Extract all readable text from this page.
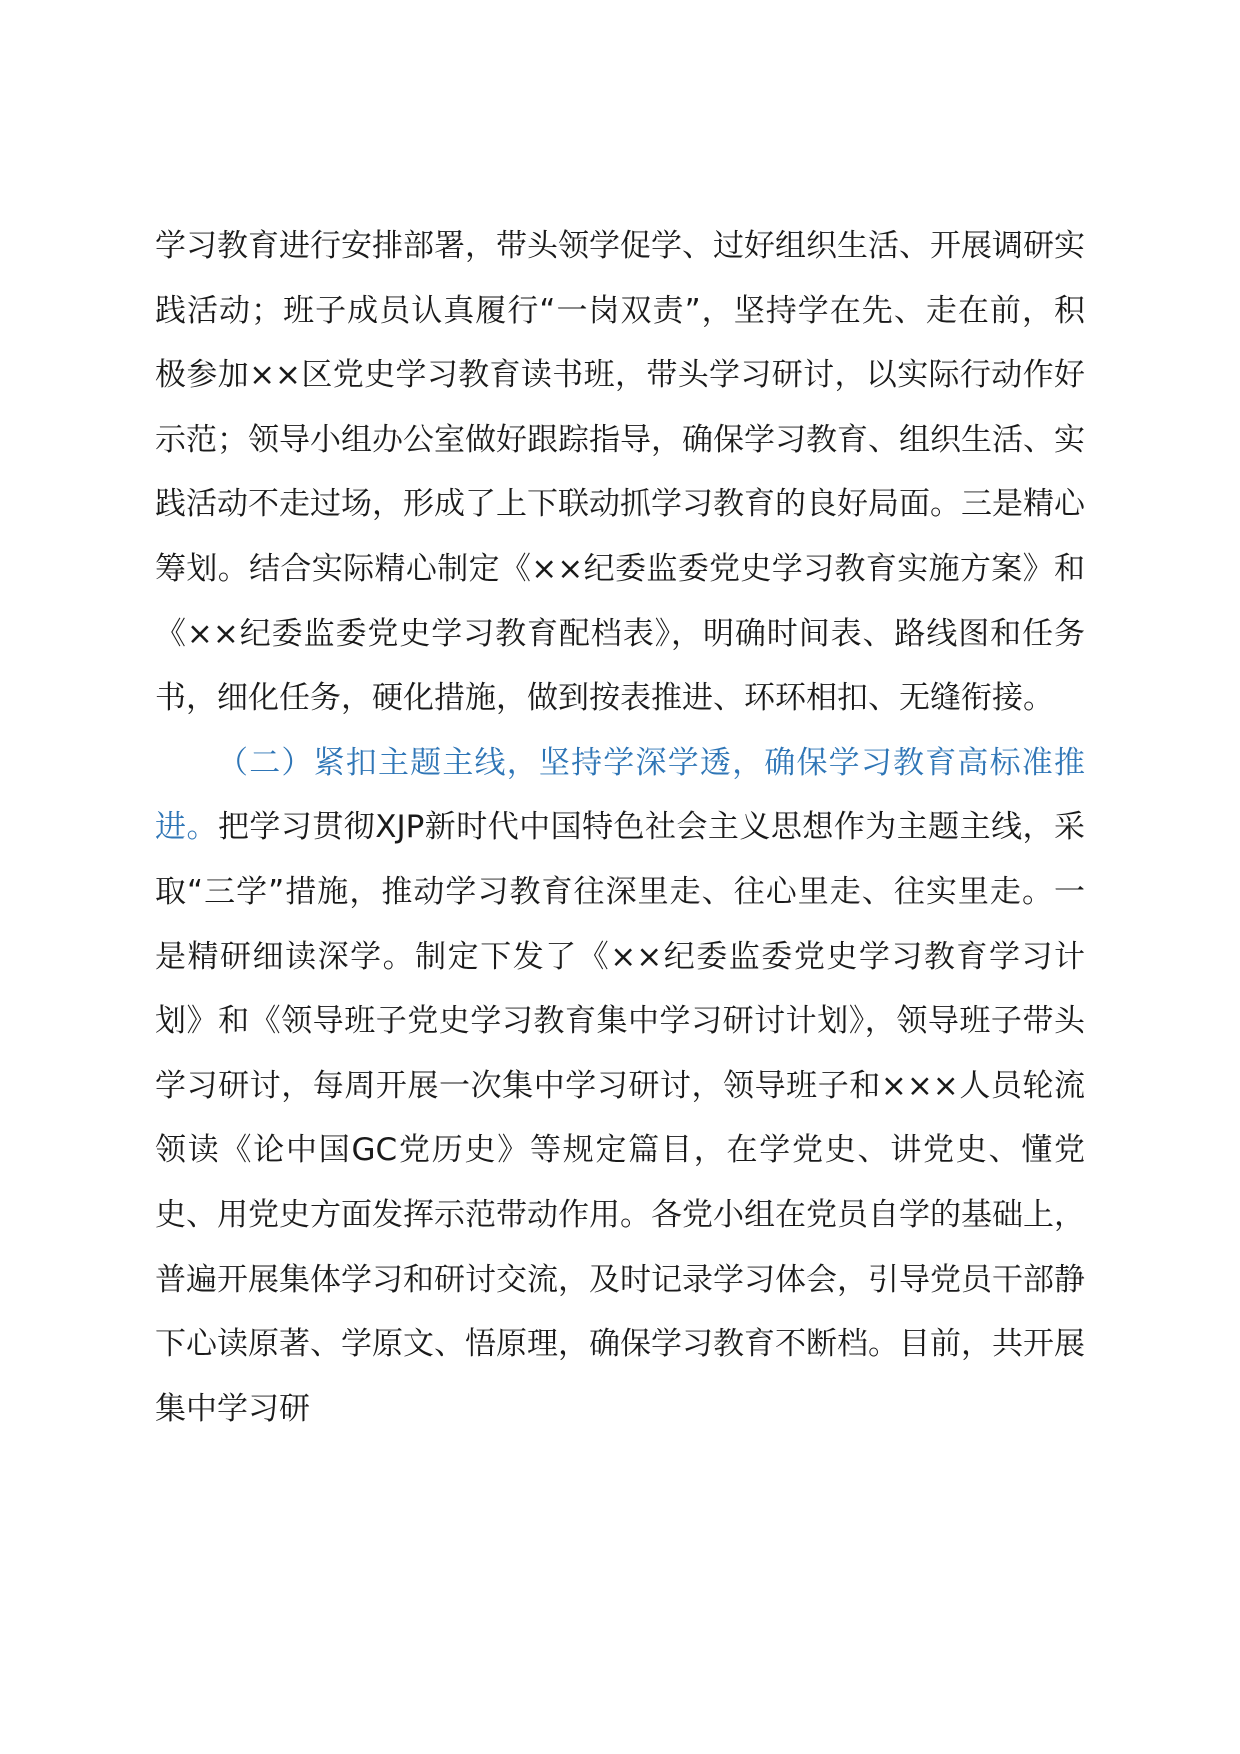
学习教育进行安排部署，带头领学促学、过好组织生活、开展调研实践活动；班子成员认真履行“一岗双责”，坚持学在先、走在前，积极参加××区党史学习教育读书班，带头学习研讨，以实际行动作好示范；领导小组办公室做好跟踪指导，确保学习教育、组织生活、实践活动不走过场，形成了上下联动抓学习教育的良好局面。三是精心筹划。结合实际精心制定《××纪委监委党史学习教育实施方案》和《××纪委监委党史学习教育配档表》，明确时间表、路线图和任务书，细化任务，硬化措施，做到按表推进、环环相扣、无缝衔接。

（二）紧扣主题主线，坚持学深学透，确保学习教育高标准推进。把学习贯彻XJP新时代中国特色社会主义思想作为主题主线，采取“三学”措施，推动学习教育往深里走、往心里走、往实里走。一是精研细读深学。制定下发了《××纪委监委党史学习教育学习计划》和《领导班子党史学习教育集中学习研讨计划》，领导班子带头学习研讨，每周开展一次集中学习研讨，领导班子和×××人员轮流领读《论中国GC党历史》等规定篇目，在学党史、讲党史、懂党史、用党史方面发挥示范带动作用。各党小组在党员自学的基础上，普遍开展集体学习和研讨交流，及时记录学习体会，引导党员干部静下心读原著、学原文、悟原理，确保学习教育不断档。目前，共开展集中学习研
